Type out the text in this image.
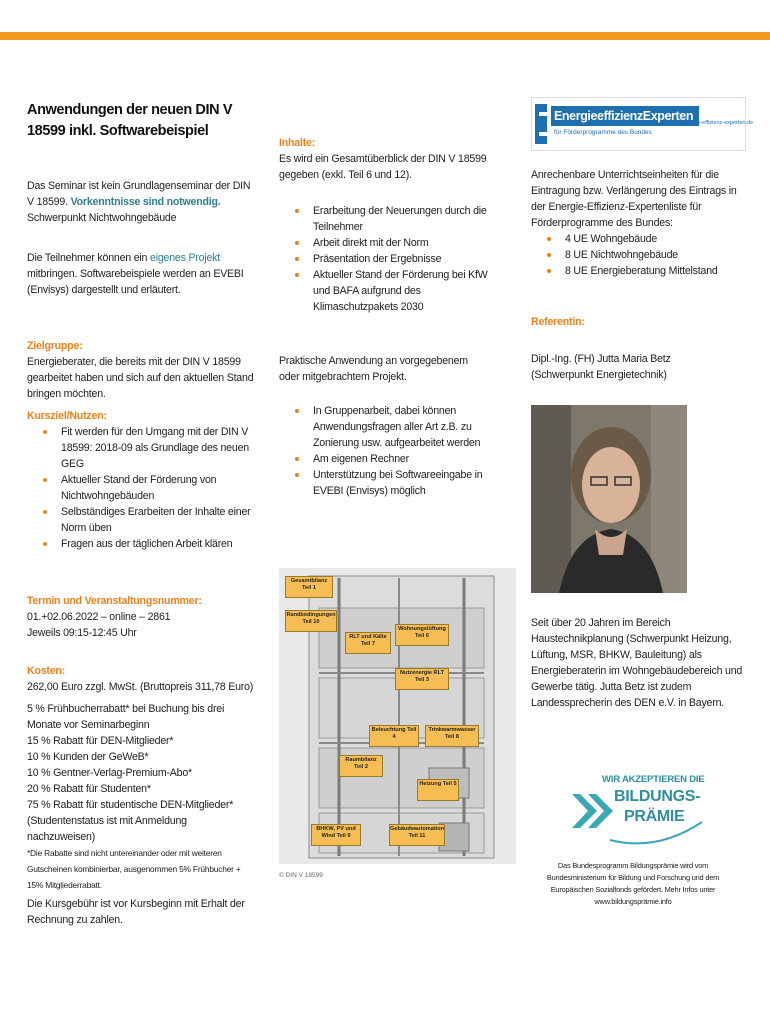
Anwendungen der neuen DIN V 18599 inkl. Softwarebeispiel
Das Seminar ist kein Grundlagenseminar der DIN V 18599. Vorkenntnisse sind notwendig.
Schwerpunkt Nichtwohngebäude
Die Teilnehmer können ein eigenes Projekt mitbringen. Softwarebeispiele werden an EVEBI (Envisys) dargestellt und erläutert.
Zielgruppe:
Energieberater, die bereits mit der DIN V 18599 gearbeitet haben und sich auf den aktuellen Stand bringen möchten.
Kursziel/Nutzen:
Fit werden für den Umgang mit der DIN V 18599: 2018-09 als Grundlage des neuen GEG
Aktueller Stand der Förderung von Nichtwohngebäuden
Selbständiges Erarbeiten der Inhalte einer Norm üben
Fragen aus der täglichen Arbeit klären
Termin und Veranstaltungsnummer:
01.+02.06.2022 – online – 2861
Jeweils 09:15-12:45 Uhr
Kosten:
262,00 Euro zzgl. MwSt. (Bruttopreis 311,78 Euro)
5 % Frühbucherrabatt* bei Buchung bis drei Monate vor Seminarbeginn
15 % Rabatt für DEN-Mitglieder*
10 % Kunden der GeWeB*
10 % Gentner-Verlag-Premium-Abo*
20 % Rabatt für Studenten*
75 % Rabatt für studentische DEN-Mitglieder* (Studentenstatus ist mit Anmeldung nachzuweisen)
*Die Rabatte sind nicht untereinander oder mit weiteren Gutscheinen kombinierbar, ausgenommen 5% Frühbucher + 15% Mitgliederrabatt.
Die Kursgebühr ist vor Kursbeginn mit Erhalt der Rechnung zu zahlen.
Inhalte:
Es wird ein Gesamtüberblick der DIN V 18599 gegeben (exkl. Teil 6 und 12).
Erarbeitung der Neuerungen durch die Teilnehmer
Arbeit direkt mit der Norm
Präsentation der Ergebnisse
Aktueller Stand der Förderung bei KfW und BAFA aufgrund des Klimaschutzpakets 2030
Praktische Anwendung an vorgegebenem oder mitgebrachtem Projekt.
In Gruppenarbeit, dabei können Anwendungsfragen aller Art z.B. zu Zonierung usw. aufgearbeitet werden
Am eigenen Rechner
Unterstützung bei Softwareeingabe in EVEBI (Envisys) möglich
Gesamtbilanz Teil 1
Randbedingungen Teil 10
RLT und Kälte Teil 7
Wohnungslüftung Teil 6
Nutzenergie RLT Teil 3
Beleuchtung Teil 4
Trinkwarmwasser Teil 8
Raumbilanz Teil 2
Heizung Teil 5
BHKW, PV und Wind Teil 9
Gebäudeautomation Teil 11
© DIN V 18599
EnergieeffizienzExperten
für Förderprogramme des Bundes
energie-effizienz-experten.de
Anrechenbare Unterrichtseinheiten für die Eintragung bzw. Verlängerung des Eintrags in der Energie-Effizienz-Expertenliste für Förderprogramme des Bundes:
4 UE Wohngebäude
8 UE Nichtwohngebäude
8 UE Energieberatung Mittelstand
Referentin:
Dipl.-Ing. (FH) Jutta Maria Betz
(Schwerpunkt Energietechnik)
Seit über 20 Jahren im Bereich Haustechnikplanung (Schwerpunkt Heizung, Lüftung, MSR, BHKW, Bauleitung) als Energieberaterin im Wohngebäudebereich und Gewerbe tätig. Jutta Betz ist zudem Landessprecherin des DEN e.V. in Bayern.
WIR AKZEPTIEREN DIE
BILDUNGS-
PRÄMIE
Das Bundesprogramm Bildungsprämie wird vom Bundesministerium für Bildung und Forschung und dem Europäischen Sozialfonds gefördert. Mehr Infos unter www.bildungsprämie.info
